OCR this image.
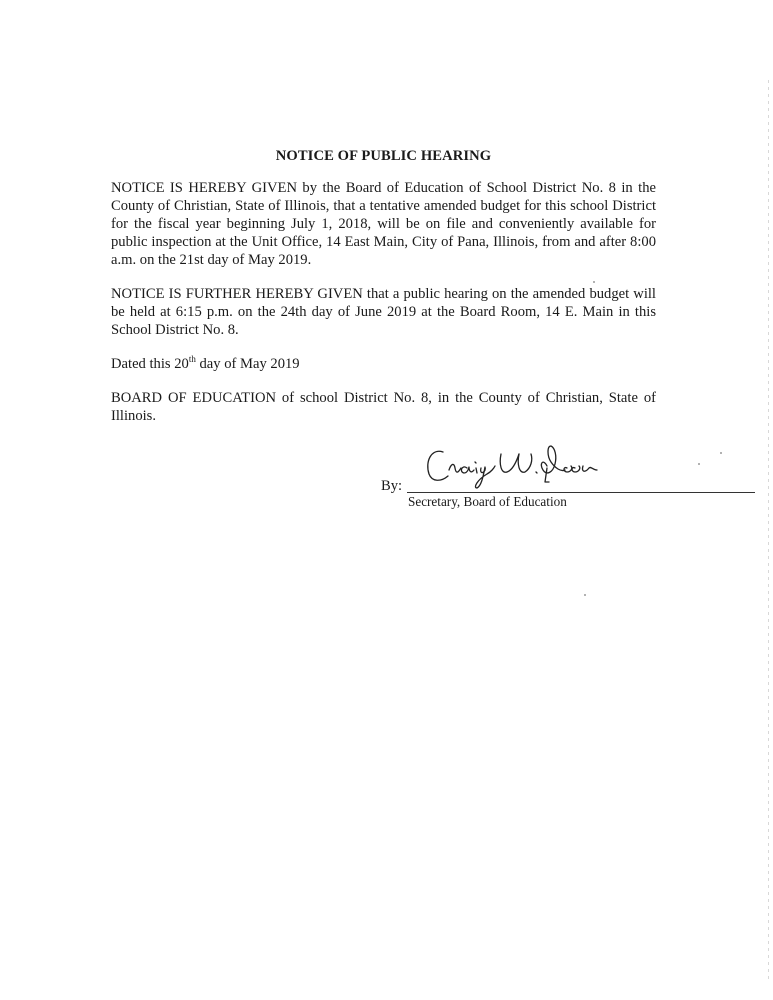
NOTICE OF PUBLIC HEARING

NOTICE IS HEREBY GIVEN by the Board of Education of School District No. 8 in the County of Christian, State of Illinois, that a tentative amended budget for this school District for the fiscal year beginning July 1, 2018, will be on file and conveniently available for public inspection at the Unit Office, 14 East Main, City of Pana, Illinois, from and after 8:00 a.m. on the 21st day of May 2019.

NOTICE IS FURTHER HEREBY GIVEN that a public hearing on the amended budget will be held at 6:15 p.m. on the 24th day of June 2019 at the Board Room, 14 E. Main in this School District No. 8.

Dated this 20th day of May 2019

BOARD OF EDUCATION of school District No. 8, in the County of Christian, State of Illinois.

By:
Secretary, Board of Education
